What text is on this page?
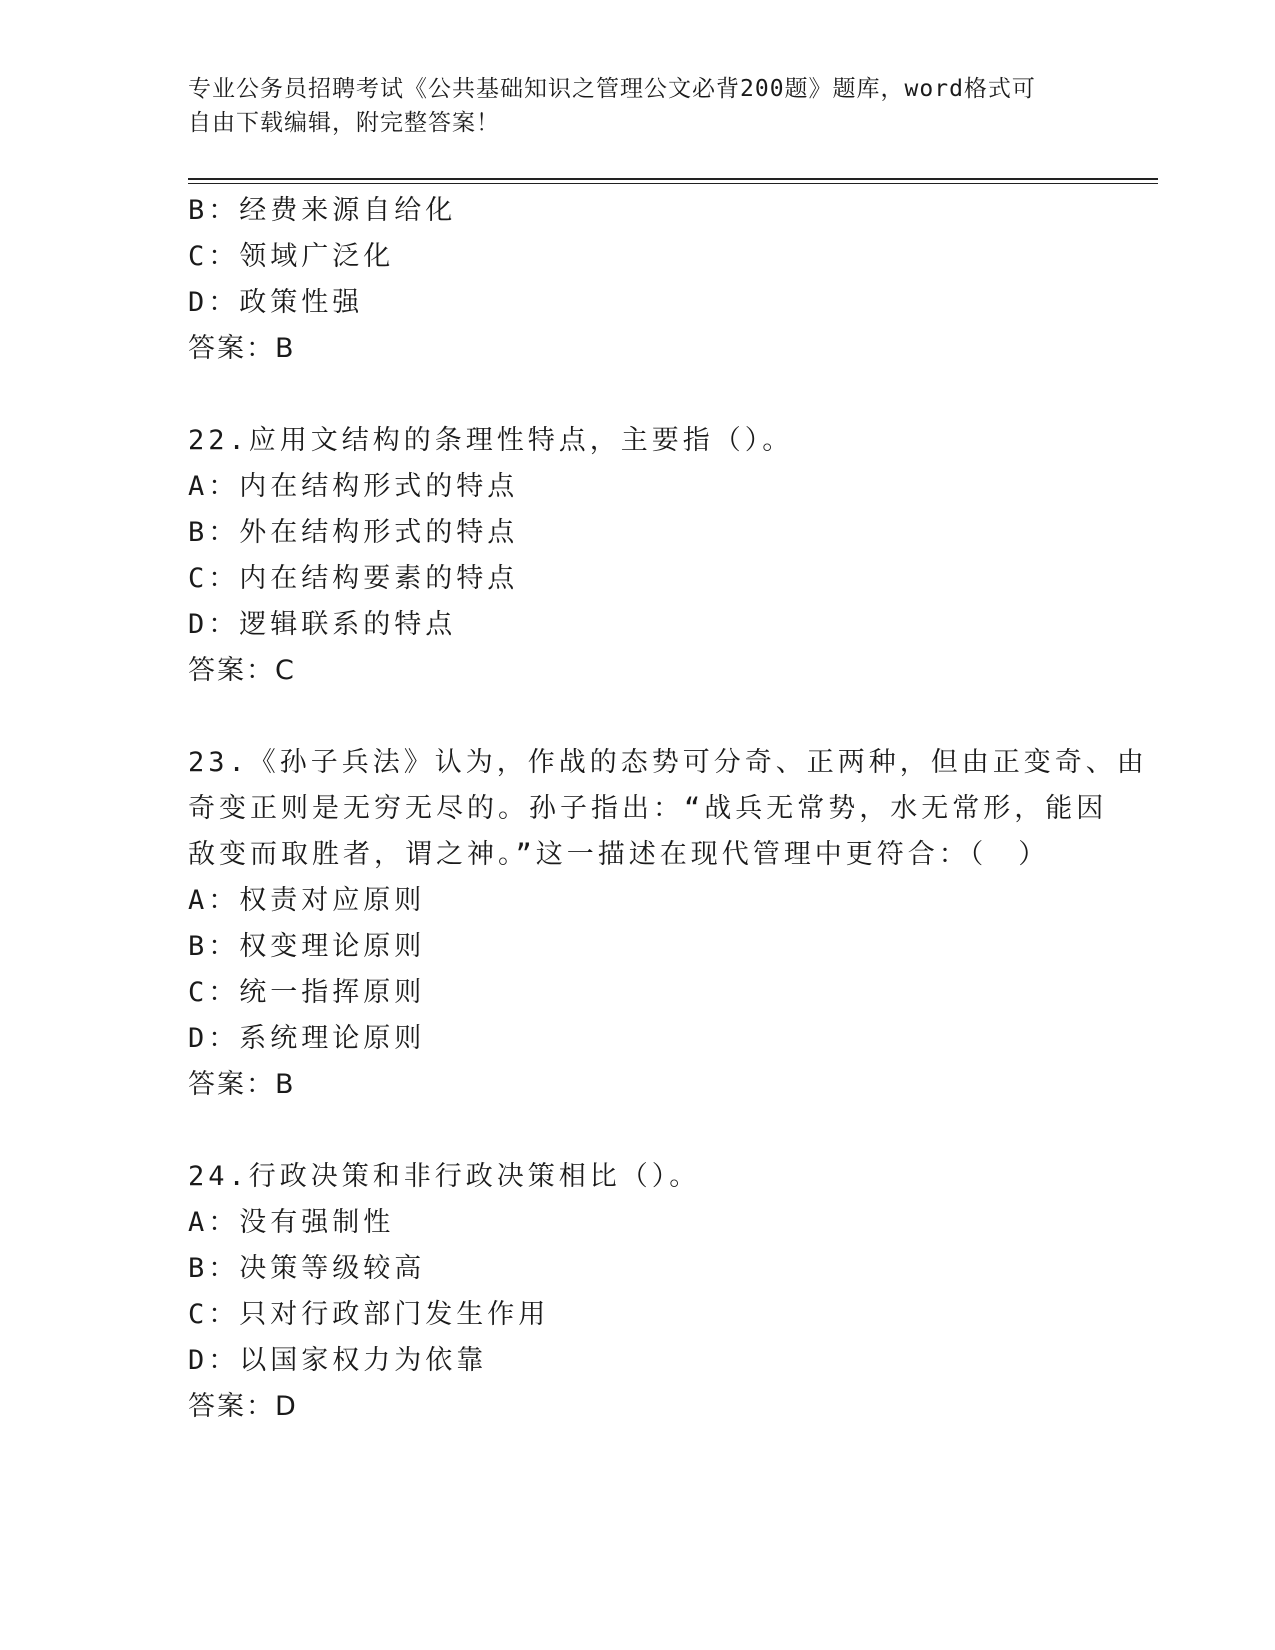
专业公务员招聘考试《公共基础知识之管理公文必背200题》题库，word格式可
自由下载编辑，附完整答案！
B：经费来源自给化
C：领域广泛化
D：政策性强
答案：B
22.应用文结构的条理性特点，主要指（）。
A：内在结构形式的特点
B：外在结构形式的特点
C：内在结构要素的特点
D：逻辑联系的特点
答案：C
23.《孙子兵法》认为，作战的态势可分奇、正两种，但由正变奇、由
奇变正则是无穷无尽的。孙子指出：“战兵无常势，水无常形，能因
敌变而取胜者，谓之神。”这一描述在现代管理中更符合：（　）
A：权责对应原则
B：权变理论原则
C：统一指挥原则
D：系统理论原则
答案：B
24.行政决策和非行政决策相比（）。
A：没有强制性
B：决策等级较高
C：只对行政部门发生作用
D：以国家权力为依靠
答案：D
